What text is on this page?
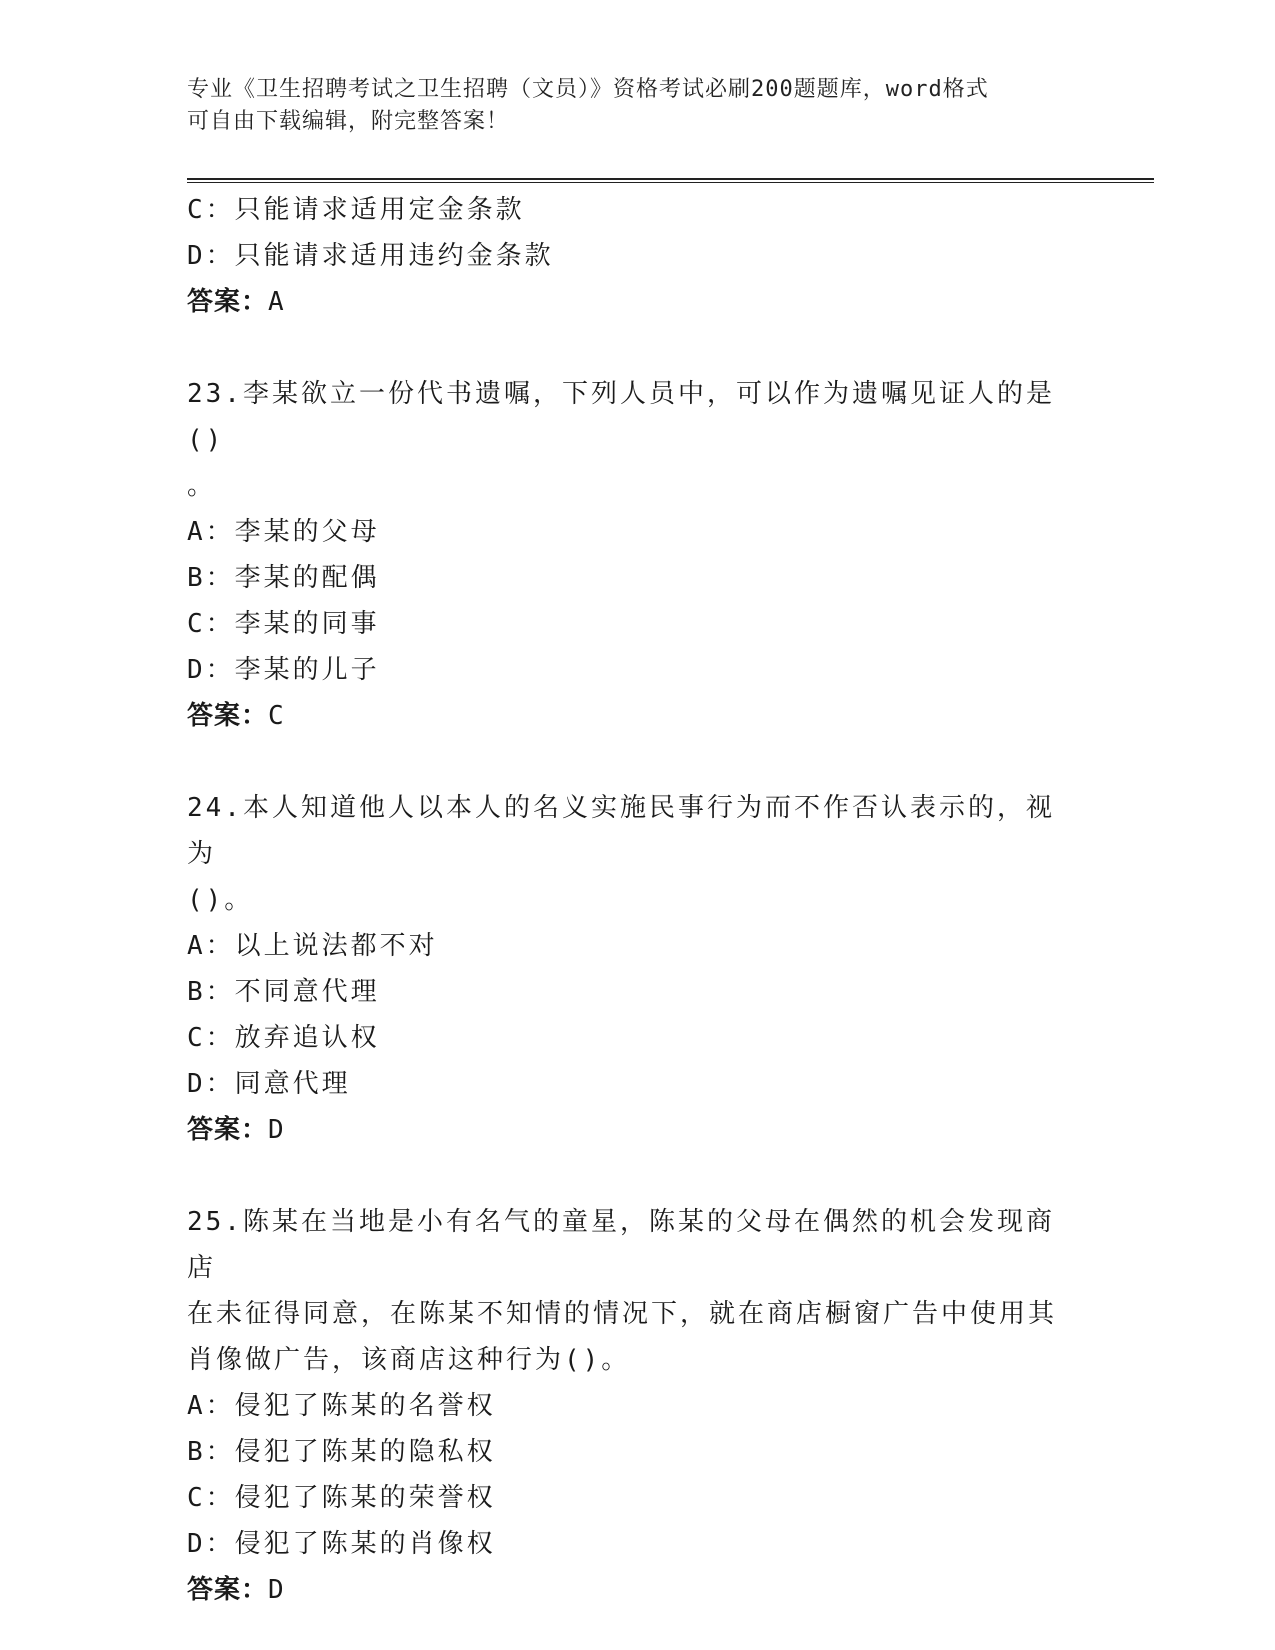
专业《卫生招聘考试之卫生招聘（文员）》资格考试必刷200题题库，word格式
可自由下载编辑，附完整答案！
C：只能请求适用定金条款
D：只能请求适用违约金条款
答案：A
23.李某欲立一份代书遗嘱，下列人员中，可以作为遗嘱见证人的是()
。
A：李某的父母
B：李某的配偶
C：李某的同事
D：李某的儿子
答案：C
24.本人知道他人以本人的名义实施民事行为而不作否认表示的，视为
()。
A：以上说法都不对
B：不同意代理
C：放弃追认权
D：同意代理
答案：D
25.陈某在当地是小有名气的童星，陈某的父母在偶然的机会发现商店
在未征得同意，在陈某不知情的情况下，就在商店橱窗广告中使用其
肖像做广告，该商店这种行为()。
A：侵犯了陈某的名誉权
B：侵犯了陈某的隐私权
C：侵犯了陈某的荣誉权
D：侵犯了陈某的肖像权
答案：D
